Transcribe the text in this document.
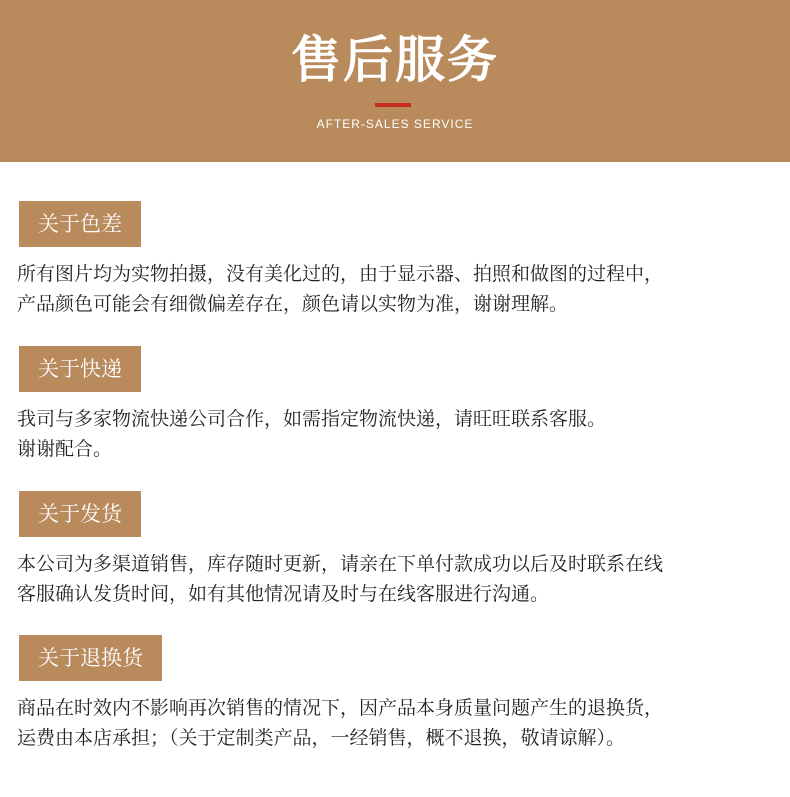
售后服务
AFTER-SALES SERVICE
关于色差
所有图片均为实物拍摄，没有美化过的，由于显示器、拍照和做图的过程中，
产品颜色可能会有细微偏差存在，颜色请以实物为准，谢谢理解。
关于快递
我司与多家物流快递公司合作，如需指定物流快递，请旺旺联系客服。
谢谢配合。
关于发货
本公司为多渠道销售，库存随时更新，请亲在下单付款成功以后及时联系在线
客服确认发货时间，如有其他情况请及时与在线客服进行沟通。
关于退换货
商品在时效内不影响再次销售的情况下，因产品本身质量问题产生的退换货，
运费由本店承担；（关于定制类产品，一经销售，概不退换，敬请谅解）。
